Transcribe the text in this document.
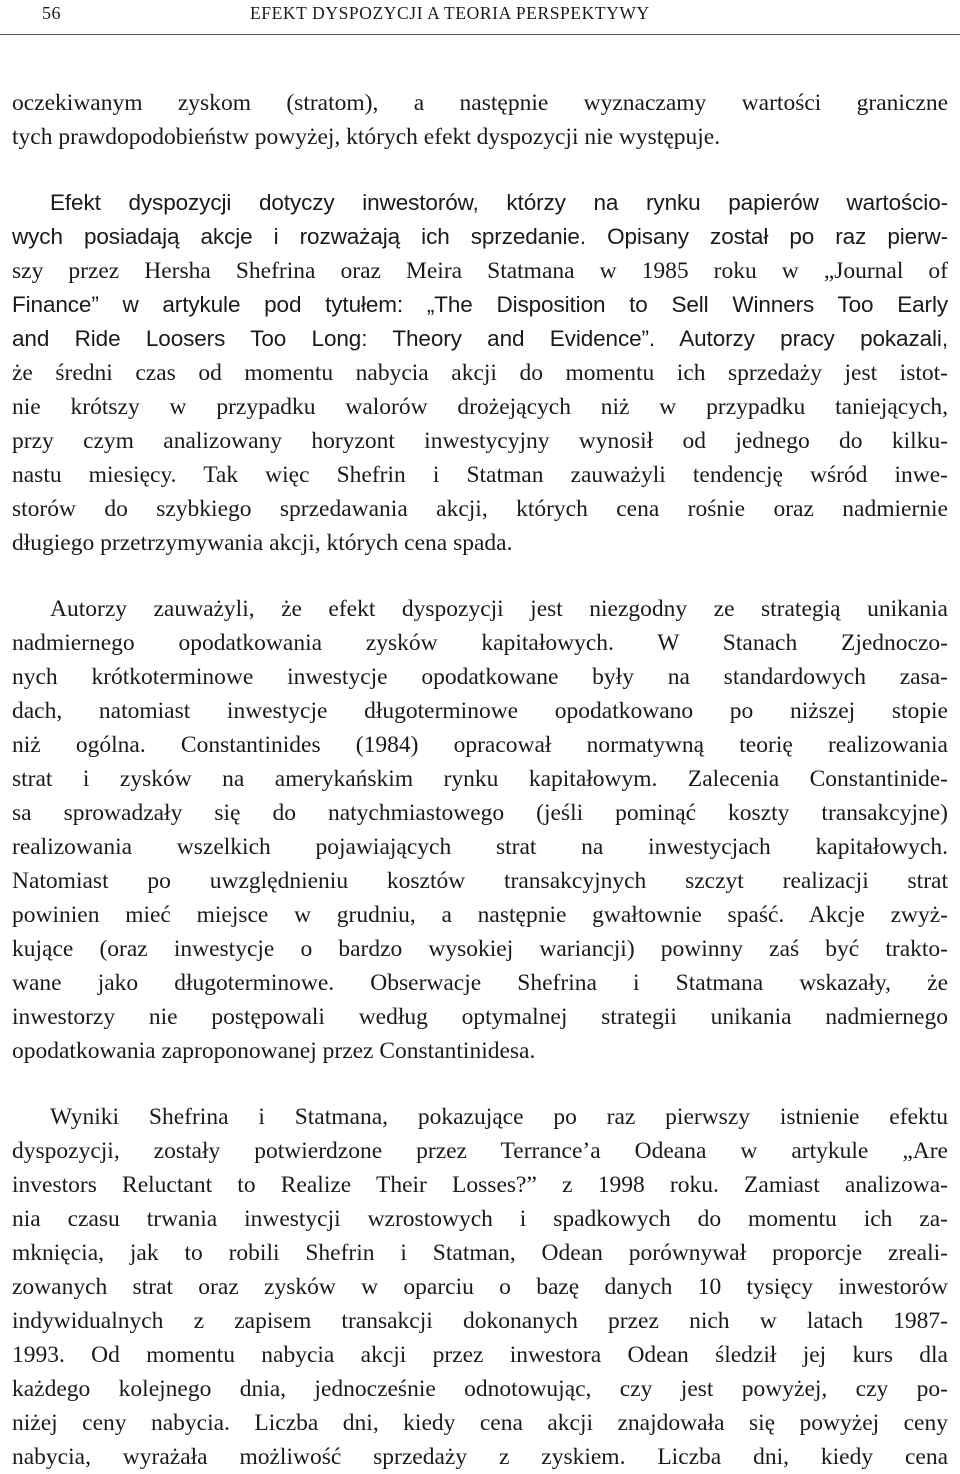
56	EFEKT DYSPOZYCJI A TEORIA PERSPEKTYWY

oczekiwanym zyskom (stratom), a następnie wyznaczamy wartości graniczne
tych prawdopodobieństw powyżej, których efekt dyspozycji nie występuje.

Efekt dyspozycji dotyczy inwestorów, którzy na rynku papierów wartościo-
wych posiadają akcje i rozważają ich sprzedanie. Opisany został po raz pierw-
szy przez Hersha Shefrina oraz Meira Statmana w 1985 roku w „Journal of
Finance” w artykule pod tytułem: „The Disposition to Sell Winners Too Early
and Ride Loosers Too Long: Theory and Evidence”. Autorzy pracy pokazali,
że średni czas od momentu nabycia akcji do momentu ich sprzedaży jest istot-
nie krótszy w przypadku walorów drożejących niż w przypadku taniejących,
przy czym analizowany horyzont inwestycyjny wynosił od jednego do kilku-
nastu miesięcy. Tak więc Shefrin i Statman zauważyli tendencję wśród inwe-
storów do szybkiego sprzedawania akcji, których cena rośnie oraz nadmiernie
długiego przetrzymywania akcji, których cena spada.

Autorzy zauważyli, że efekt dyspozycji jest niezgodny ze strategią unikania
nadmiernego opodatkowania zysków kapitałowych. W Stanach Zjednoczo-
nych krótkoterminowe inwestycje opodatkowane były na standardowych zasa-
dach, natomiast inwestycje długoterminowe opodatkowano po niższej stopie
niż ogólna. Constantinides (1984) opracował normatywną teorię realizowania
strat i zysków na amerykańskim rynku kapitałowym. Zalecenia Constantinide-
sa sprowadzały się do natychmiastowego (jeśli pominąć koszty transakcyjne)
realizowania wszelkich pojawiających strat na inwestycjach kapitałowych.
Natomiast po uwzględnieniu kosztów transakcyjnych szczyt realizacji strat
powinien mieć miejsce w grudniu, a następnie gwałtownie spaść. Akcje zwyż-
kujące (oraz inwestycje o bardzo wysokiej wariancji) powinny zaś być trakto-
wane jako długoterminowe. Obserwacje Shefrina i Statmana wskazały, że
inwestorzy nie postępowali według optymalnej strategii unikania nadmiernego
opodatkowania zaproponowanej przez Constantinidesa.

Wyniki Shefrina i Statmana, pokazujące po raz pierwszy istnienie efektu
dyspozycji, zostały potwierdzone przez Terrance’a Odeana w artykule „Are
investors Reluctant to Realize Their Losses?” z 1998 roku. Zamiast analizowa-
nia czasu trwania inwestycji wzrostowych i spadkowych do momentu ich za-
mknięcia, jak to robili Shefrin i Statman, Odean porównywał proporcje zreali-
zowanych strat oraz zysków w oparciu o bazę danych 10 tysięcy inwestorów
indywidualnych z zapisem transakcji dokonanych przez nich w latach 1987-
1993. Od momentu nabycia akcji przez inwestora Odean śledził jej kurs dla
każdego kolejnego dnia, jednocześnie odnotowując, czy jest powyżej, czy po-
niżej ceny nabycia. Liczba dni, kiedy cena akcji znajdowała się powyżej ceny
nabycia, wyrażała możliwość sprzedaży z zyskiem. Liczba dni, kiedy cena
